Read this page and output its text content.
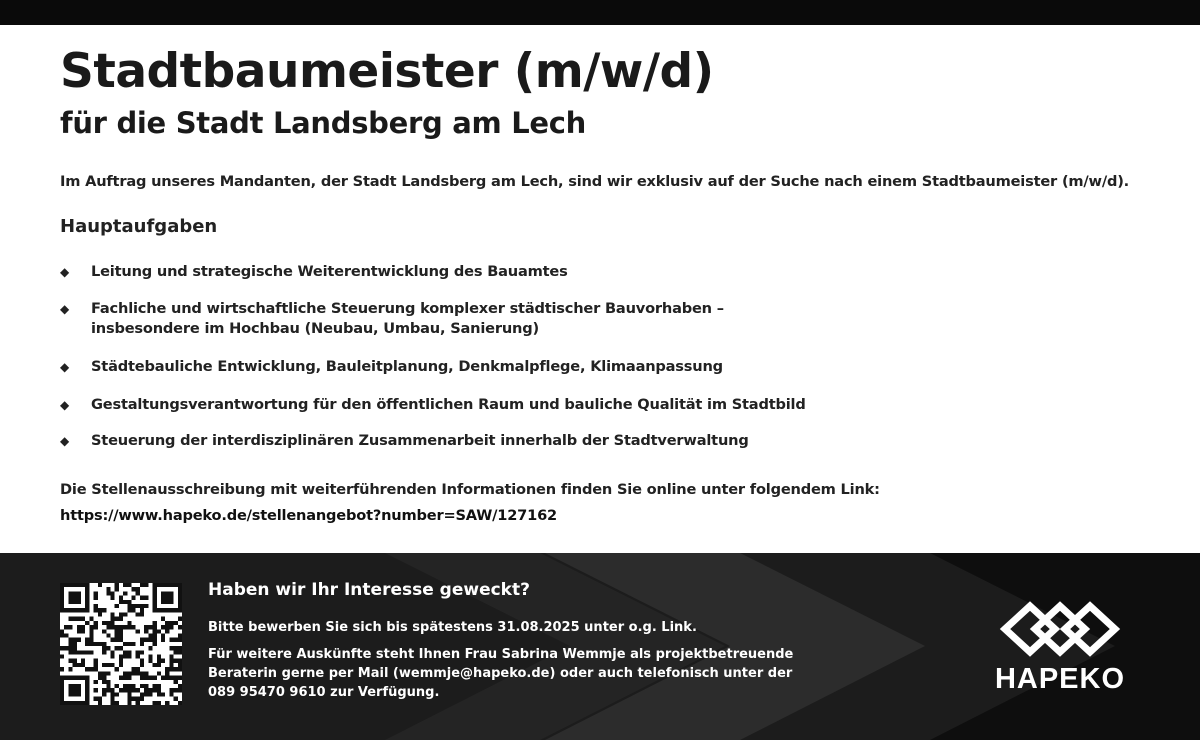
Stadtbaumeister (m/w/d)
für die Stadt Landsberg am Lech

Im Auftrag unseres Mandanten, der Stadt Landsberg am Lech, sind wir exklusiv auf der Suche nach einem Stadtbaumeister (m/w/d).

Hauptaufgaben
◆ Leitung und strategische Weiterentwicklung des Bauamtes
◆ Fachliche und wirtschaftliche Steuerung komplexer städtischer Bauvorhaben –
insbesondere im Hochbau (Neubau, Umbau, Sanierung)
◆ Städtebauliche Entwicklung, Bauleitplanung, Denkmalpflege, Klimaanpassung
◆ Gestaltungsverantwortung für den öffentlichen Raum und bauliche Qualität im Stadtbild
◆ Steuerung der interdisziplinären Zusammenarbeit innerhalb der Stadtverwaltung

Die Stellenausschreibung mit weiterführenden Informationen finden Sie online unter folgendem Link:

https://www.hapeko.de/stellenangebot?number=SAW/127162

Haben wir Ihr Interesse geweckt?

Bitte bewerben Sie sich bis spätestens 31.08.2025 unter o.g. Link.

Für weitere Auskünfte steht Ihnen Frau Sabrina Wemmje als projektbetreuende
Beraterin gerne per Mail (wemmje@hapeko.de) oder auch telefonisch unter der
089 95470 9610 zur Verfügung.	HAPEKO
